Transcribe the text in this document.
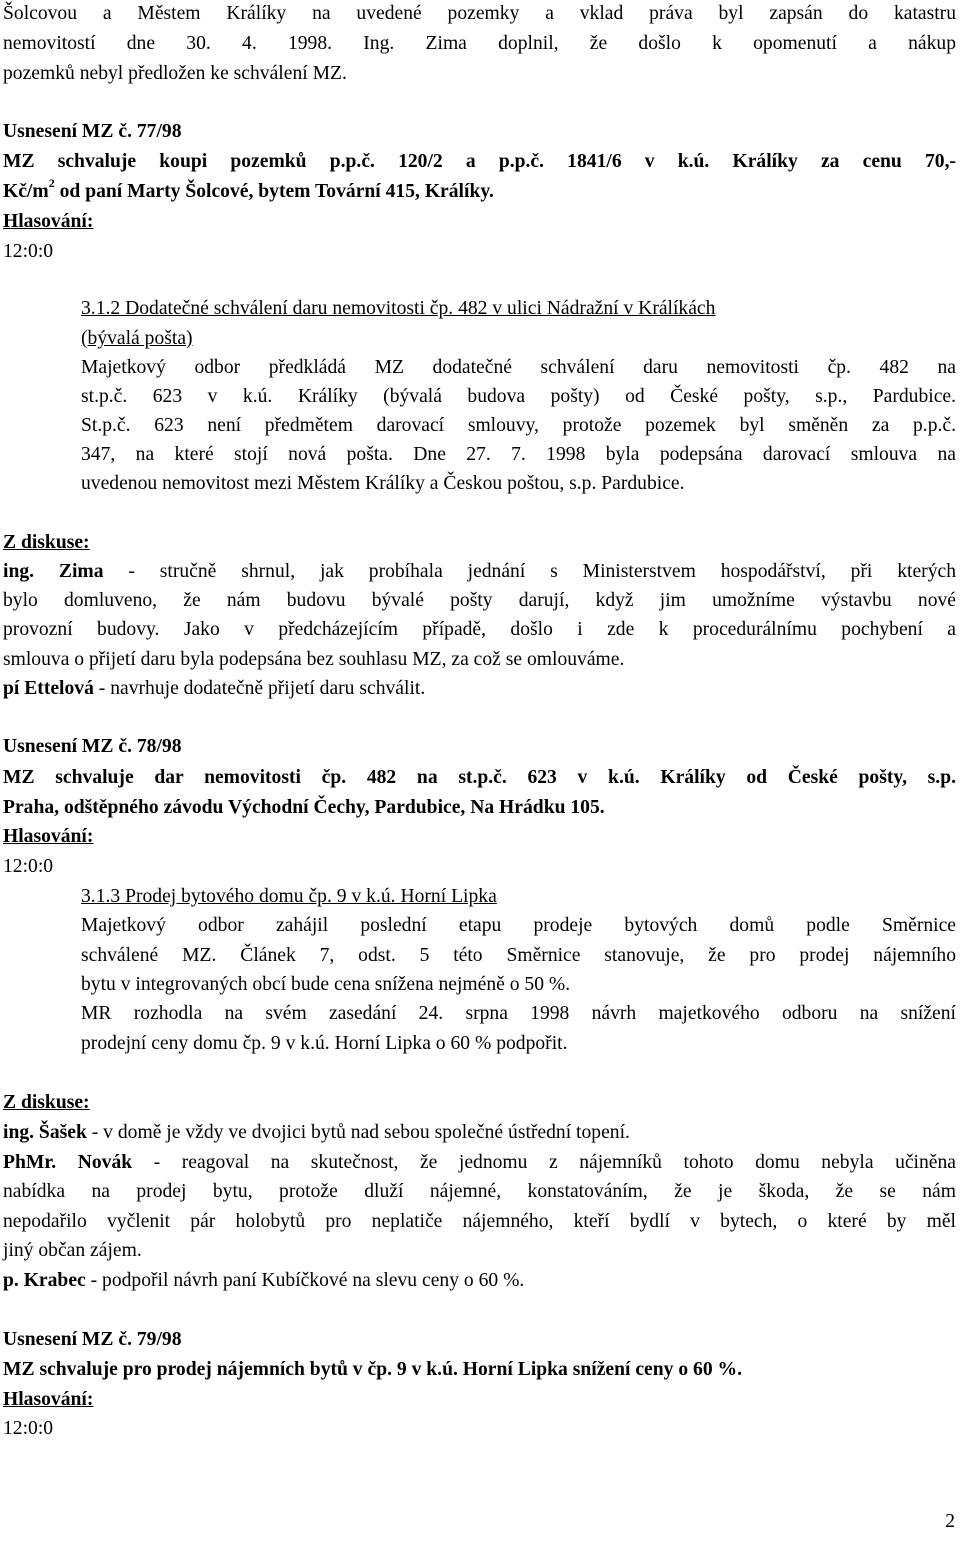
Šolcovou a Městem Králíky na uvedené pozemky a vklad práva byl zapsán do katastru
nemovitostí dne 30. 4. 1998. Ing. Zima doplnil, že došlo k opomenutí a nákup
pozemků nebyl předložen ke schválení MZ.
Usnesení MZ č. 77/98
MZ schvaluje koupi pozemků p.p.č. 120/2 a p.p.č. 1841/6 v k.ú. Králíky za cenu 70,-
$Kč/m^2$ od paní Marty Šolcové, bytem Tovární 415, Králíky.
Hlasování:
12:0:0
3.1.2 Dodatečné schválení daru nemovitosti čp. 482 v ulici Nádražní v Králíkách
(bývalá pošta)
Majetkový odbor předkládá MZ dodatečné schválení daru nemovitosti čp. 482 na
st.p.č. 623 v k.ú. Králíky (bývalá budova pošty) od České pošty, s.p., Pardubice.
St.p.č. 623 není předmětem darovací smlouvy, protože pozemek byl směněn za p.p.č.
347, na které stojí nová pošta. Dne 27. 7. 1998 byla podepsána darovací smlouva na
uvedenou nemovitost mezi Městem Králíky a Českou poštou, s.p. Pardubice.
Z diskuse:
ing. Zima - stručně shrnul, jak probíhala jednání s Ministerstvem hospodářství, při kterých
bylo domluveno, že nám budovu bývalé pošty darují, když jim umožníme výstavbu nové
provozní budovy. Jako v předcházejícím případě, došlo i zde k procedurálnímu pochybení a
smlouva o přijetí daru byla podepsána bez souhlasu MZ, za což se omlouváme.
pí Ettelová - navrhuje dodatečně přijetí daru schválit.
Usnesení MZ č. 78/98
MZ schvaluje dar nemovitosti čp. 482 na st.p.č. 623 v k.ú. Králíky od České pošty, s.p.
Praha, odštěpného závodu Východní Čechy, Pardubice, Na Hrádku 105.
Hlasování:
12:0:0
3.1.3 Prodej bytového domu čp. 9 v k.ú. Horní Lipka
Majetkový odbor zahájil poslední etapu prodeje bytových domů podle Směrnice
schválené MZ. Článek 7, odst. 5 této Směrnice stanovuje, že pro prodej nájemního
bytu v integrovaných obcí bude cena snížena nejméně o 50 %.
MR rozhodla na svém zasedání 24. srpna 1998 návrh majetkového odboru na snížení
prodejní ceny domu čp. 9 v k.ú. Horní Lipka o 60 % podpořit.
Z diskuse:
ing. Šašek - v domě je vždy ve dvojici bytů nad sebou společné ústřední topení.
PhMr. Novák - reagoval na skutečnost, že jednomu z nájemníků tohoto domu nebyla učiněna
nabídka na prodej bytu, protože dluží nájemné, konstatováním, že je škoda, že se nám
nepodařilo vyčlenit pár holobytů pro neplatiče nájemného, kteří bydlí v bytech, o které by měl
jiný občan zájem.
p. Krabec - podpořil návrh paní Kubíčkové na slevu ceny o 60 %.
Usnesení MZ č. 79/98
MZ schvaluje pro prodej nájemních bytů v čp. 9 v k.ú. Horní Lipka snížení ceny o 60 %.
Hlasování:
12:0:0
2
